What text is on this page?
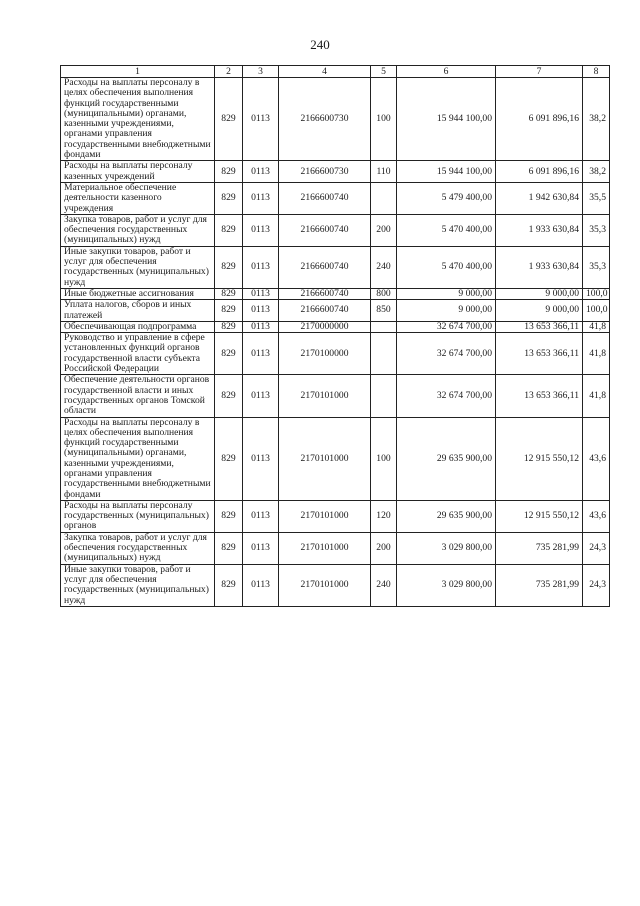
240
1	2	3	4	5	6	7	8
Расходы на выплаты персоналу в целях обеспечения выполнения функций государственными (муниципальными) органами, казенными учреждениями, органами управления государственными внебюджетными фондами	829	0113	2166600730	100	15 944 100,00	6 091 896,16	38,2
Расходы на выплаты персоналу казенных учреждений	829	0113	2166600730	110	15 944 100,00	6 091 896,16	38,2
Материальное обеспечение деятельности казенного учреждения	829	0113	2166600740		5 479 400,00	1 942 630,84	35,5
Закупка товаров, работ и услуг для обеспечения государственных (муниципальных) нужд	829	0113	2166600740	200	5 470 400,00	1 933 630,84	35,3
Иные закупки товаров, работ и услуг для обеспечения государственных (муниципальных) нужд	829	0113	2166600740	240	5 470 400,00	1 933 630,84	35,3
Иные бюджетные ассигнования	829	0113	2166600740	800	9 000,00	9 000,00	100,0
Уплата налогов, сборов и иных платежей	829	0113	2166600740	850	9 000,00	9 000,00	100,0
Обеспечивающая подпрограмма	829	0113	2170000000		32 674 700,00	13 653 366,11	41,8
Руководство и управление в сфере установленных функций органов государственной власти субъекта Российской Федерации	829	0113	2170100000		32 674 700,00	13 653 366,11	41,8
Обеспечение деятельности органов государственной власти и иных государственных органов Томской области	829	0113	2170101000		32 674 700,00	13 653 366,11	41,8
Расходы на выплаты персоналу в целях обеспечения выполнения функций государственными (муниципальными) органами, казенными учреждениями, органами управления государственными внебюджетными фондами	829	0113	2170101000	100	29 635 900,00	12 915 550,12	43,6
Расходы на выплаты персоналу государственных (муниципальных) органов	829	0113	2170101000	120	29 635 900,00	12 915 550,12	43,6
Закупка товаров, работ и услуг для обеспечения государственных (муниципальных) нужд	829	0113	2170101000	200	3 029 800,00	735 281,99	24,3
Иные закупки товаров, работ и услуг для обеспечения государственных (муниципальных) нужд	829	0113	2170101000	240	3 029 800,00	735 281,99	24,3
